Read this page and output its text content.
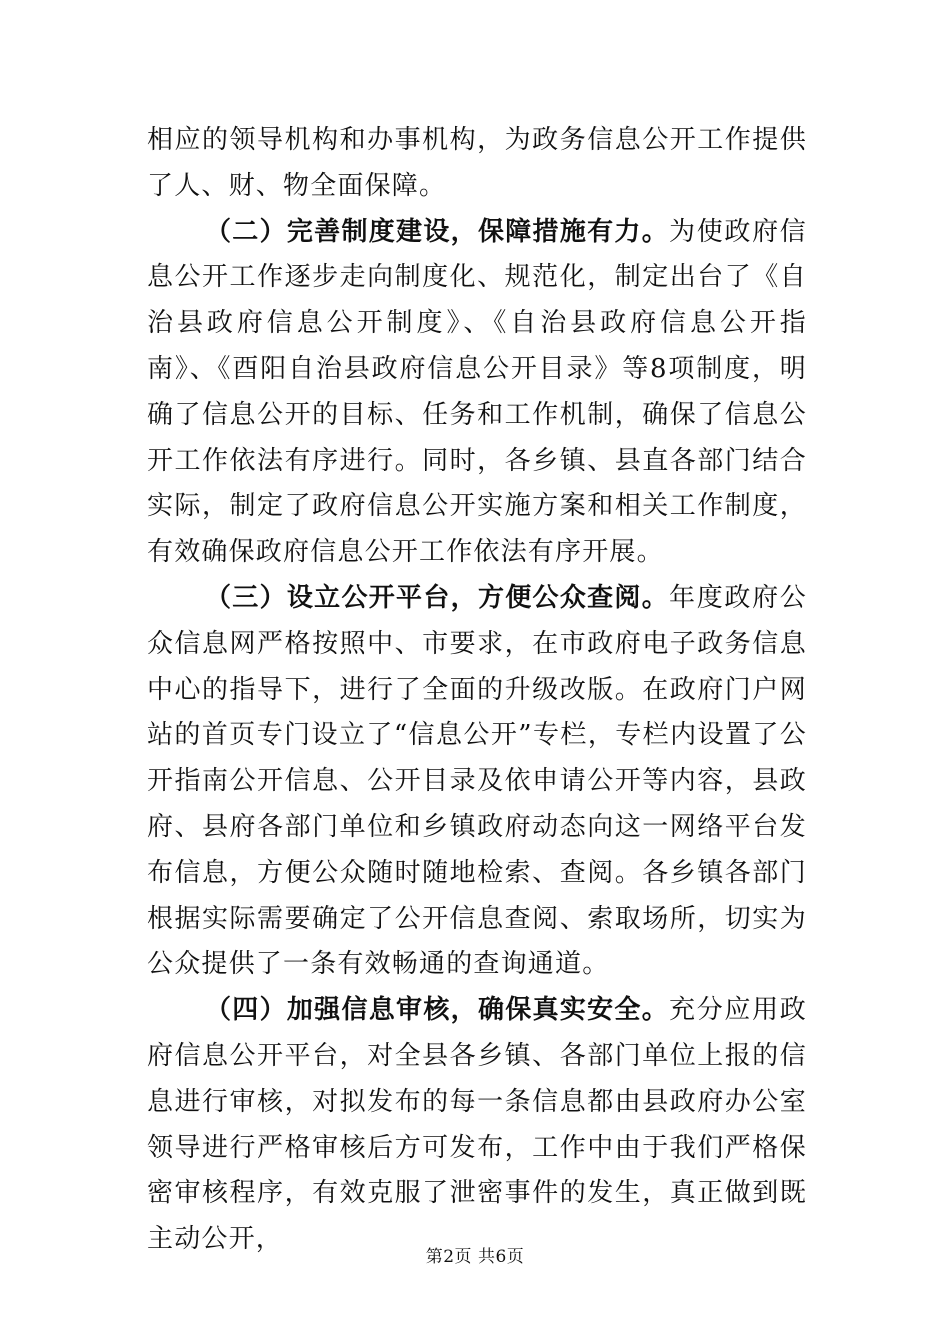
相应的领导机构和办事机构，为政务信息公开工作提供了人、财、物全面保障。

（二）完善制度建设，保障措施有力。为使政府信息公开工作逐步走向制度化、规范化，制定出台了《自治县政府信息公开制度》、《自治县政府信息公开指南》、《酉阳自治县政府信息公开目录》等8项制度，明确了信息公开的目标、任务和工作机制，确保了信息公开工作依法有序进行。同时，各乡镇、县直各部门结合实际，制定了政府信息公开实施方案和相关工作制度，有效确保政府信息公开工作依法有序开展。

（三）设立公开平台，方便公众查阅。年度政府公众信息网严格按照中、市要求，在市政府电子政务信息中心的指导下，进行了全面的升级改版。在政府门户网站的首页专门设立了“信息公开”专栏，专栏内设置了公开指南公开信息、公开目录及依申请公开等内容，县政府、县府各部门单位和乡镇政府动态向这一网络平台发布信息，方便公众随时随地检索、查阅。各乡镇各部门根据实际需要确定了公开信息查阅、索取场所，切实为公众提供了一条有效畅通的查询通道。

（四）加强信息审核，确保真实安全。充分应用政府信息公开平台，对全县各乡镇、各部门单位上报的信息进行审核，对拟发布的每一条信息都由县政府办公室领导进行严格审核后方可发布，工作中由于我们严格保密审核程序，有效克服了泄密事件的发生，真正做到既主动公开，

第2页 共6页
